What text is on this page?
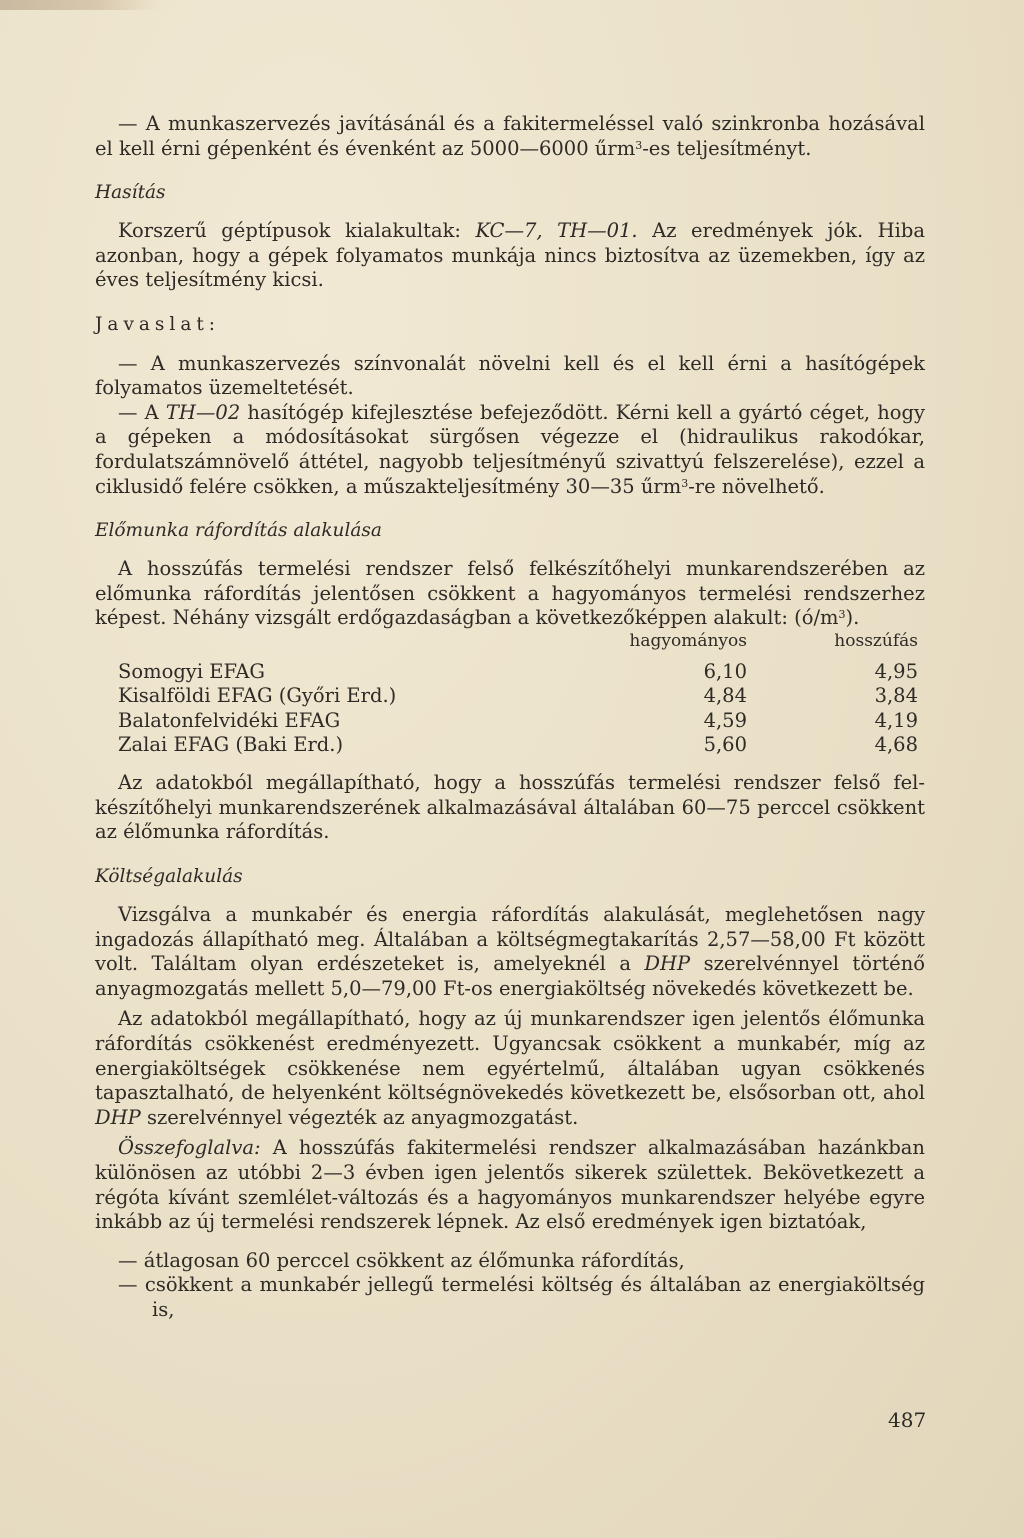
— A munkaszervezés javításánál és a fakitermeléssel való szinkronba hozásával el kell érni gépenként és évenként az 5000—6000 űrm$^3$-es teljesítményt.

Hasítás

Korszerű géptípusok kialakultak: KC—7, TH—01. Az eredmények jók. Hiba azonban, hogy a gépek folyamatos munkája nincs biztosítva az üzemekben, így az éves teljesítmény kicsi.

Javaslat:

— A munkaszervezés színvonalát növelni kell és el kell érni a hasítógépek folyamatos üzemeltetését.

— A TH—02 hasítógép kifejlesztése befejeződött. Kérni kell a gyártó céget, hogy a gépeken a módosításokat sürgősen végezze el (hidraulikus rakodókar, fordulatszámnövelő áttétel, nagyobb teljesítményű szivattyú felszerelése), ezzel a ciklusidő felére csökken, a műszakteljesítmény 30—35 űrm$^3$-re növelhető.

Előmunka ráfordítás alakulása

A hosszúfás termelési rendszer felső felkészítőhelyi munkarendszerében az előmunka ráfordítás jelentősen csökkent a hagyományos termelési rendszerhez képest. Néhány vizsgált erdőgazdaságban a következőképpen alakult: $(ó/m^3)$.

	hagyományos	hosszúfás
Somogyi EFAG	6,10	4,95
Kisalföldi EFAG (Győri Erd.)	4,84	3,84
Balatonfelvidéki EFAG	4,59	4,19
Zalai EFAG (Baki Erd.)	5,60	4,68

Az adatokból megállapítható, hogy a hosszúfás termelési rendszer felső felkészítőhelyi munkarendszerének alkalmazásával általában 60—75 perccel csökkent az élőmunka ráfordítás.

Költségalakulás

Vizsgálva a munkabér és energia ráfordítás alakulását, meglehetősen nagy ingadozás állapítható meg. Általában a költségmegtakarítás 2,57—58,00 Ft között volt. Találtam olyan erdészeteket is, amelyeknél a DHP szerelvénnyel történő anyagmozgatás mellett 5,0—79,00 Ft-os energiaköltség növekedés következett be.

Az adatokból megállapítható, hogy az új munkarendszer igen jelentős élőmunka ráfordítás csökkenést eredményezett. Ugyancsak csökkent a munkabér, míg az energiaköltségek csökkenése nem egyértelmű, általában ugyan csökkenés tapasztalható, de helyenként költségnövekedés következett be, elsősorban ott, ahol DHP szerelvénnyel végezték az anyagmozgatást.

Összefoglalva: A hosszúfás fakitermelési rendszer alkalmazásában hazánkban különösen az utóbbi 2—3 évben igen jelentős sikerek születtek. Bekövetkezett a régóta kívánt szemlélet-változás és a hagyományos munkarendszer helyébe egyre inkább az új termelési rendszerek lépnek. Az első eredmények igen biztatóak,

— átlagosan 60 perccel csökkent az élőmunka ráfordítás,

— csökkent a munkabér jellegű termelési költség és általában az energiaköltség is,

487
